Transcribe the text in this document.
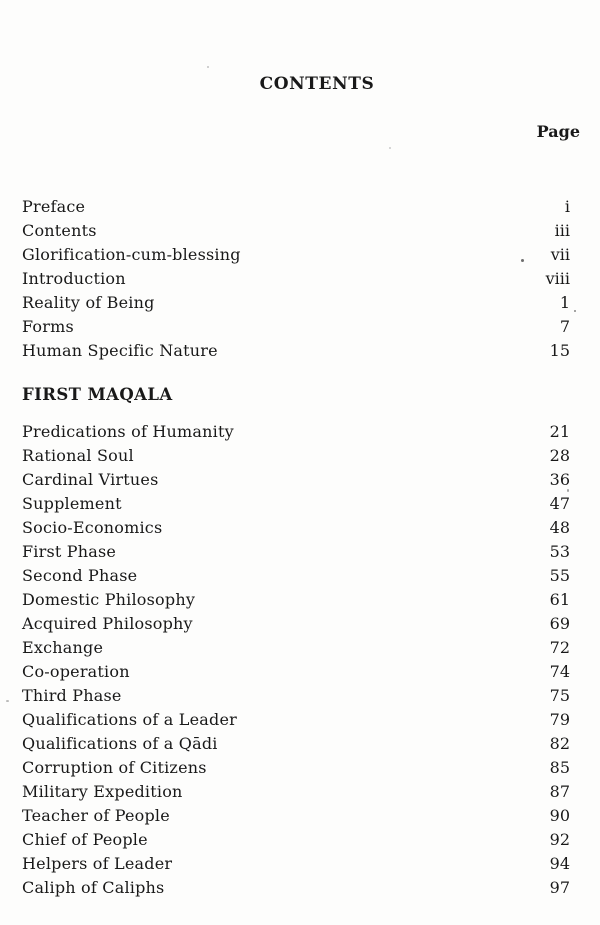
CONTENTS
Page
Preface	i
Contents	iii
Glorification-cum-blessing	vii
Introduction	viii
Reality of Being	1
Forms	7
Human Specific Nature	15
FIRST MAQALA
Predications of Humanity	21
Rational Soul	28
Cardinal Virtues	36
Supplement	47
Socio-Economics	48
First Phase	53
Second Phase	55
Domestic Philosophy	61
Acquired Philosophy	69
Exchange	72
Co-operation	74
Third Phase	75
Qualifications of a Leader	79
Qualifications of a Qādi	82
Corruption of Citizens	85
Military Expedition	87
Teacher of People	90
Chief of People	92
Helpers of Leader	94
Caliph of Caliphs	97
